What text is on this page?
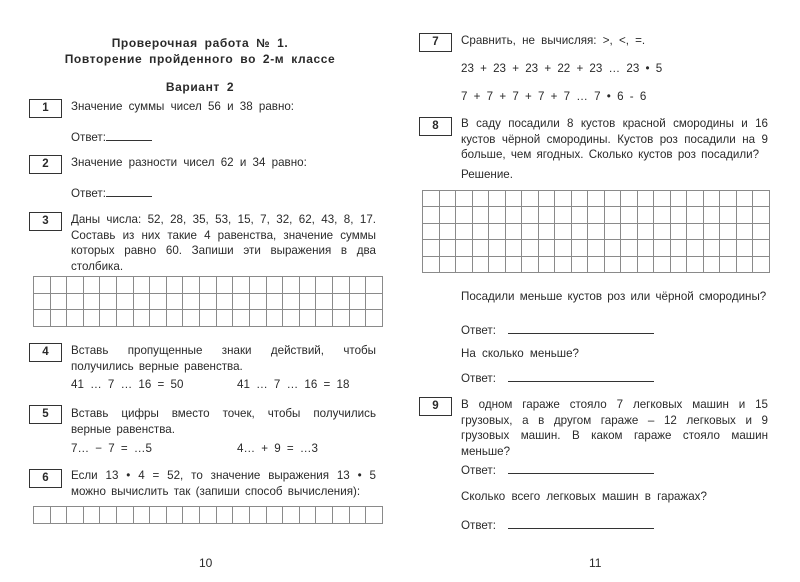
Проверочная работа № 1.
Повторение пройденного во 2-м классе
Вариант 2
1	Значение суммы чисел 56 и 38 равно:
Ответ:
2	Значение разности чисел 62 и 34 равно:
Ответ:
3	Даны числа: 52, 28, 35, 53, 15, 7, 32, 62, 43, 8, 17. Составь из них такие 4 равенства, значение суммы которых равно 60. Запиши эти выражения в два столбика.

4	Вставь пропущенные знаки действий, чтобы получились верные равенства.
41 … 7 … 16 = 50	41 … 7 … 16 = 18
5	Вставь цифры вместо точек, чтобы получились верные равенства.
7… − 7 = …5	4… + 9 = …3
6	Если 13 • 4 = 52, то значение выражения 13 • 5 можно вычислить так (запиши способ вычисления):

10
7	Сравнить, не вычисляя: >, <, =.
23 + 23 + 23 + 22 + 23 … 23 • 5
7 + 7 + 7 + 7 + 7 … 7 • 6 - 6
8	В саду посадили 8 кустов красной смородины и 16 кустов чёрной смородины. Кустов роз посадили на 9 больше, чем ягодных. Сколько кустов роз посадили?
Решение.

Посадили меньше кустов роз или чёрной смородины?
Ответ:
На сколько меньше?
Ответ:
9	В одном гараже стояло 7 легковых машин и 15 грузовых, а в другом гараже – 12 легковых и 9 грузовых машин. В каком гараже стояло машин меньше?
Ответ:
Сколько всего легковых машин в гаражах?
Ответ:
11
